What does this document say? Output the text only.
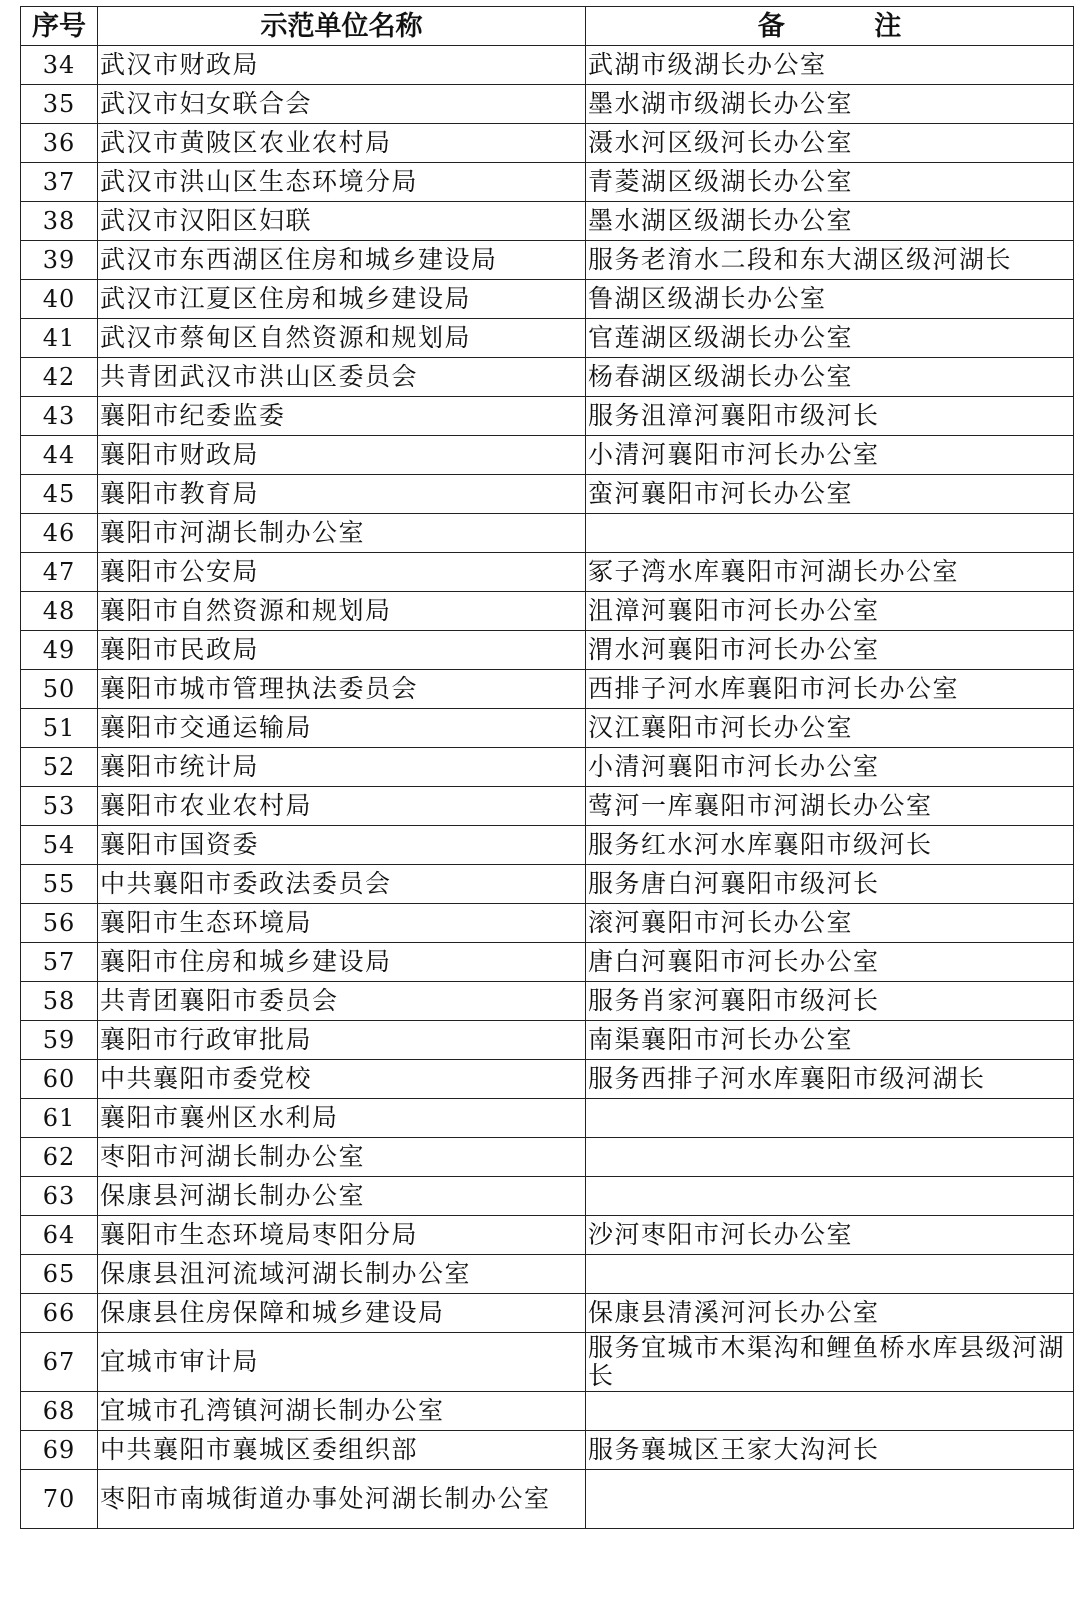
序号	示范单位名称	备 注
34	武汉市财政局	武湖市级湖长办公室
35	武汉市妇女联合会	墨水湖市级湖长办公室
36	武汉市黄陂区农业农村局	滠水河区级河长办公室
37	武汉市洪山区生态环境分局	青菱湖区级湖长办公室
38	武汉市汉阳区妇联	墨水湖区级湖长办公室
39	武汉市东西湖区住房和城乡建设局	服务老淯水二段和东大湖区级河湖长
40	武汉市江夏区住房和城乡建设局	鲁湖区级湖长办公室
41	武汉市蔡甸区自然资源和规划局	官莲湖区级湖长办公室
42	共青团武汉市洪山区委员会	杨春湖区级湖长办公室
43	襄阳市纪委监委	服务沮漳河襄阳市级河长
44	襄阳市财政局	小清河襄阳市河长办公室
45	襄阳市教育局	蛮河襄阳市河长办公室
46	襄阳市河湖长制办公室	
47	襄阳市公安局	冢子湾水库襄阳市河湖长办公室
48	襄阳市自然资源和规划局	沮漳河襄阳市河长办公室
49	襄阳市民政局	渭水河襄阳市河长办公室
50	襄阳市城市管理执法委员会	西排子河水库襄阳市河长办公室
51	襄阳市交通运输局	汉江襄阳市河长办公室
52	襄阳市统计局	小清河襄阳市河长办公室
53	襄阳市农业农村局	莺河一库襄阳市河湖长办公室
54	襄阳市国资委	服务红水河水库襄阳市级河长
55	中共襄阳市委政法委员会	服务唐白河襄阳市级河长
56	襄阳市生态环境局	滚河襄阳市河长办公室
57	襄阳市住房和城乡建设局	唐白河襄阳市河长办公室
58	共青团襄阳市委员会	服务肖家河襄阳市级河长
59	襄阳市行政审批局	南渠襄阳市河长办公室
60	中共襄阳市委党校	服务西排子河水库襄阳市级河湖长
61	襄阳市襄州区水利局	
62	枣阳市河湖长制办公室	
63	保康县河湖长制办公室	
64	襄阳市生态环境局枣阳分局	沙河枣阳市河长办公室
65	保康县沮河流域河湖长制办公室	
66	保康县住房保障和城乡建设局	保康县清溪河河长办公室
67	宜城市审计局	服务宜城市木渠沟和鲤鱼桥水库县级河湖长
68	宜城市孔湾镇河湖长制办公室	
69	中共襄阳市襄城区委组织部	服务襄城区王家大沟河长
70	枣阳市南城街道办事处河湖长制办公室	
